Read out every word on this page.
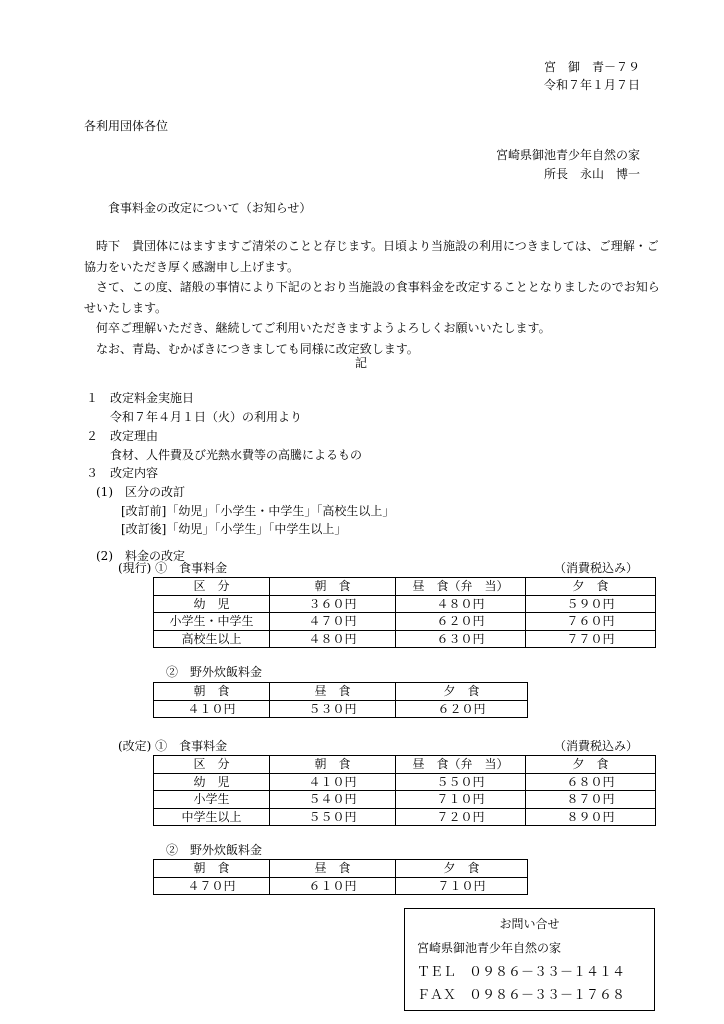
宮　御　青－７９
令和７年１月７日
各利用団体各位
宮崎県御池青少年自然の家
所長　永山　博一
食事料金の改定について（お知らせ）

時下　貴団体にはますますご清栄のことと存じます。日頃より当施設の利用につきましては、ご理解・ご協力をいただき厚く感謝申し上げます。

さて、この度、諸般の事情により下記のとおり当施設の食事料金を改定することとなりましたのでお知らせいたします。

何卒ご理解いただき、継続してご利用いただきますようよろしくお願いいたします。

なお、青島、むかばきにつきましても同様に改定致します。

記
１ 改定料金実施日
令和７年４月１日（火）の利用より
２ 改定理由
食材、人件費及び光熱水費等の高騰によるもの
３ 改定内容
(1)　区分の改訂
[改訂前]「幼児」「小学生・中学生」「高校生以上」
[改訂後]「幼児」「小学生」「中学生以上」
(2)　料金の改定
(現行) ①　食事料金	（消費税込み）
区　分	朝　食	昼　食（弁　当）	夕　食
幼　児	３６０円	４８０円	５９０円
小学生・中学生	４７０円	６２０円	７６０円
高校生以上	４８０円	６３０円	７７０円
②　野外炊飯料金
朝　食	昼　食	夕　食
４１０円	５３０円	６２０円
(改定) ①　食事料金	（消費税込み）
区　分	朝　食	昼　食（弁　当）	夕　食
幼　児	４１０円	５５０円	６８０円
小学生	５４０円	７１０円	８７０円
中学生以上	５５０円	７２０円	８９０円
②　野外炊飯料金
朝　食	昼　食	夕　食
４７０円	６１０円	７１０円
お問い合せ
宮崎県御池青少年自然の家
ＴＥＬ　０９８６－３３－１４１４
ＦＡＸ　０９８６－３３－１７６８
